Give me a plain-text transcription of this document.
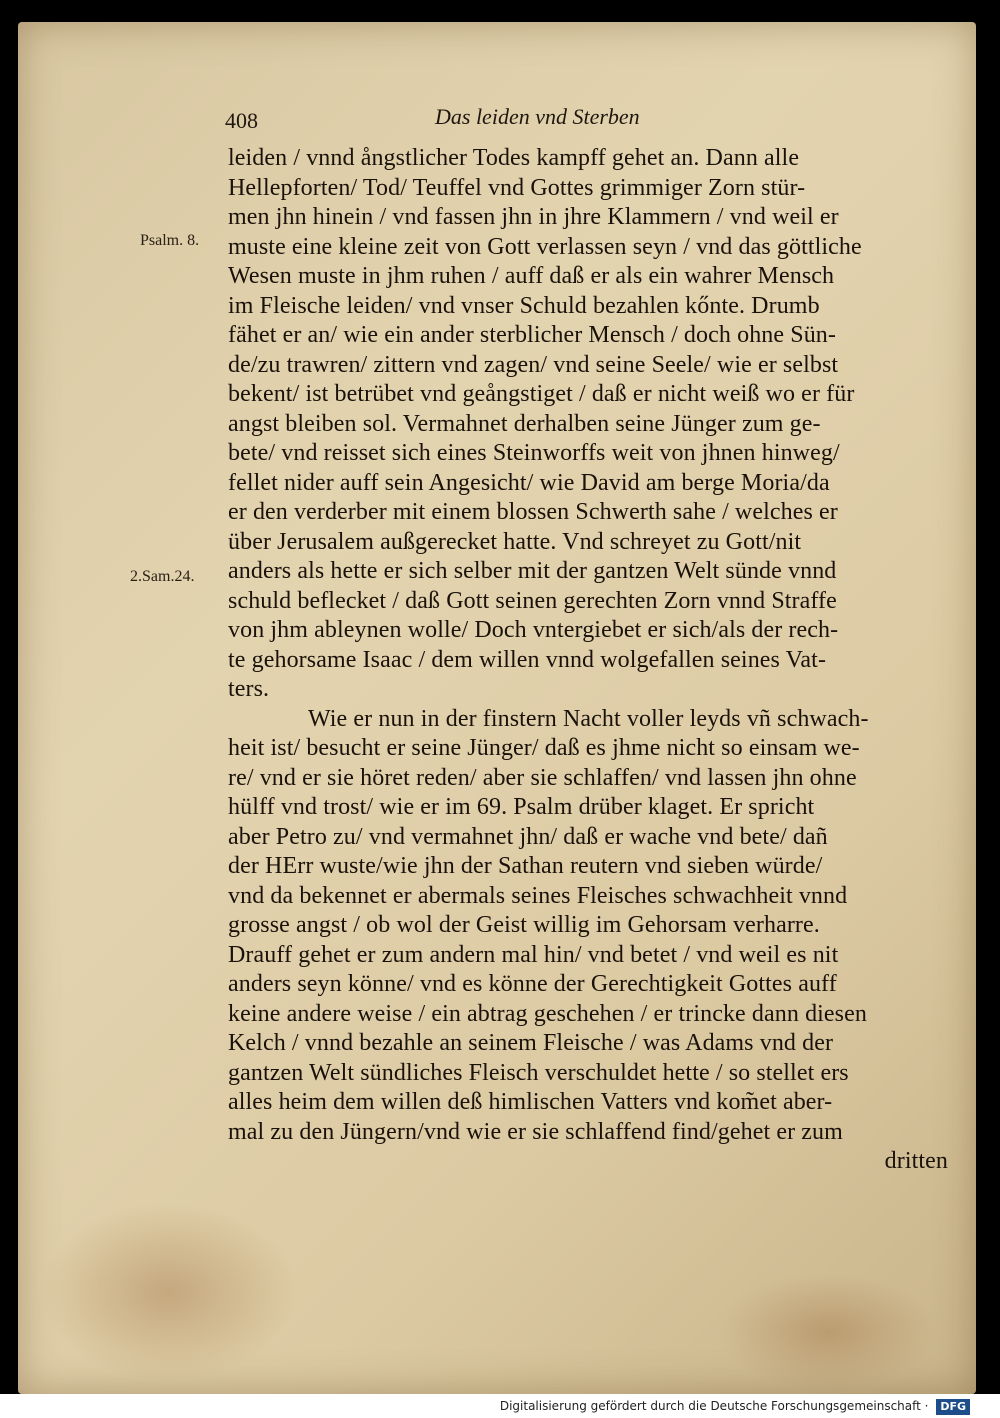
408	Das leiden vnd Sterben
Psalm. 8.
2.Sam.24.
leiden / vnnd ångstlicher Todes kampff gehet an. Dann alle
Hellepforten/ Tod/ Teuffel vnd Gottes grimmiger Zorn stür-
men jhn hinein / vnd fassen jhn in jhre Klammern / vnd weil er
muste eine kleine zeit von Gott verlassen seyn / vnd das göttliche
Wesen muste in jhm ruhen / auff daß er als ein wahrer Mensch
im Fleische leiden/ vnd vnser Schuld bezahlen kőnte. Drumb
fähet er an/ wie ein ander sterblicher Mensch / doch ohne Sün-
de/zu trawren/ zittern vnd zagen/ vnd seine Seele/ wie er selbst
bekent/ ist betrübet vnd geångstiget / daß er nicht weiß wo er für
angst bleiben sol. Vermahnet derhalben seine Jünger zum ge-
bete/ vnd reisset sich eines Steinworffs weit von jhnen hinweg/
fellet nider auff sein Angesicht/ wie David am berge Moria/da
er den verderber mit einem blossen Schwerth sahe / welches er
über Jerusalem außgerecket hatte. Vnd schreyet zu Gott/nit
anders als hette er sich selber mit der gantzen Welt sünde vnnd
schuld beflecket / daß Gott seinen gerechten Zorn vnnd Straffe
von jhm ableynen wolle/ Doch vntergiebet er sich/als der rech-
te gehorsame Isaac / dem willen vnnd wolgefallen seines Vat-
ters.
Wie er nun in der finstern Nacht voller leyds vñ schwach-
heit ist/ besucht er seine Jünger/ daß es jhme nicht so einsam we-
re/ vnd er sie höret reden/ aber sie schlaffen/ vnd lassen jhn ohne
hülff vnd trost/ wie er im 69. Psalm drüber klaget. Er spricht
aber Petro zu/ vnd vermahnet jhn/ daß er wache vnd bete/ dañ
der HErr wuste/wie jhn der Sathan reutern vnd sieben würde/
vnd da bekennet er abermals seines Fleisches schwachheit vnnd
grosse angst / ob wol der Geist willig im Gehorsam verharre.
Drauff gehet er zum andern mal hin/ vnd betet / vnd weil es nit
anders seyn könne/ vnd es könne der Gerechtigkeit Gottes auff
keine andere weise / ein abtrag geschehen / er trincke dann diesen
Kelch / vnnd bezahle an seinem Fleische / was Adams vnd der
gantzen Welt sündliches Fleisch verschuldet hette / so stellet ers
alles heim dem willen deß himlischen Vatters vnd kom̃et aber-
mal zu den Jüngern/vnd wie er sie schlaffend find/gehet er zum
dritten
Digitalisierung gefördert durch die Deutsche Forschungsgemeinschaft · DFG
